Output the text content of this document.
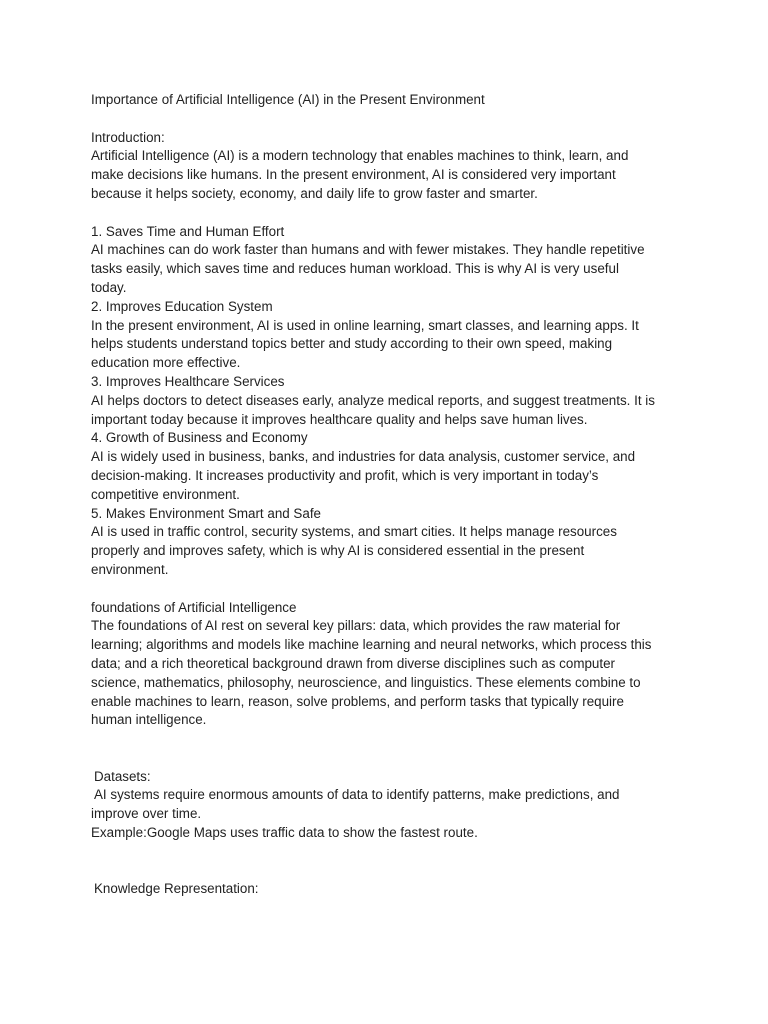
Importance of Artificial Intelligence (AI) in the Present Environment
Introduction:
Artificial Intelligence (AI) is a modern technology that enables machines to think, learn, and
make decisions like humans. In the present environment, AI is considered very important
because it helps society, economy, and daily life to grow faster and smarter.
1. Saves Time and Human Effort
AI machines can do work faster than humans and with fewer mistakes. They handle repetitive
tasks easily, which saves time and reduces human workload. This is why AI is very useful
today.
2. Improves Education System
In the present environment, AI is used in online learning, smart classes, and learning apps. It
helps students understand topics better and study according to their own speed, making
education more effective.
3. Improves Healthcare Services
AI helps doctors to detect diseases early, analyze medical reports, and suggest treatments. It is
important today because it improves healthcare quality and helps save human lives.
4. Growth of Business and Economy
AI is widely used in business, banks, and industries for data analysis, customer service, and
decision-making. It increases productivity and profit, which is very important in today’s
competitive environment.
5. Makes Environment Smart and Safe
AI is used in traffic control, security systems, and smart cities. It helps manage resources
properly and improves safety, which is why AI is considered essential in the present
environment.
foundations of Artificial Intelligence
The foundations of AI rest on several key pillars: data, which provides the raw material for
learning; algorithms and models like machine learning and neural networks, which process this
data; and a rich theoretical background drawn from diverse disciplines such as computer
science, mathematics, philosophy, neuroscience, and linguistics. These elements combine to
enable machines to learn, reason, solve problems, and perform tasks that typically require
human intelligence.
Datasets:
AI systems require enormous amounts of data to identify patterns, make predictions, and
improve over time.
Example:Google Maps uses traffic data to show the fastest route.
Knowledge Representation:
